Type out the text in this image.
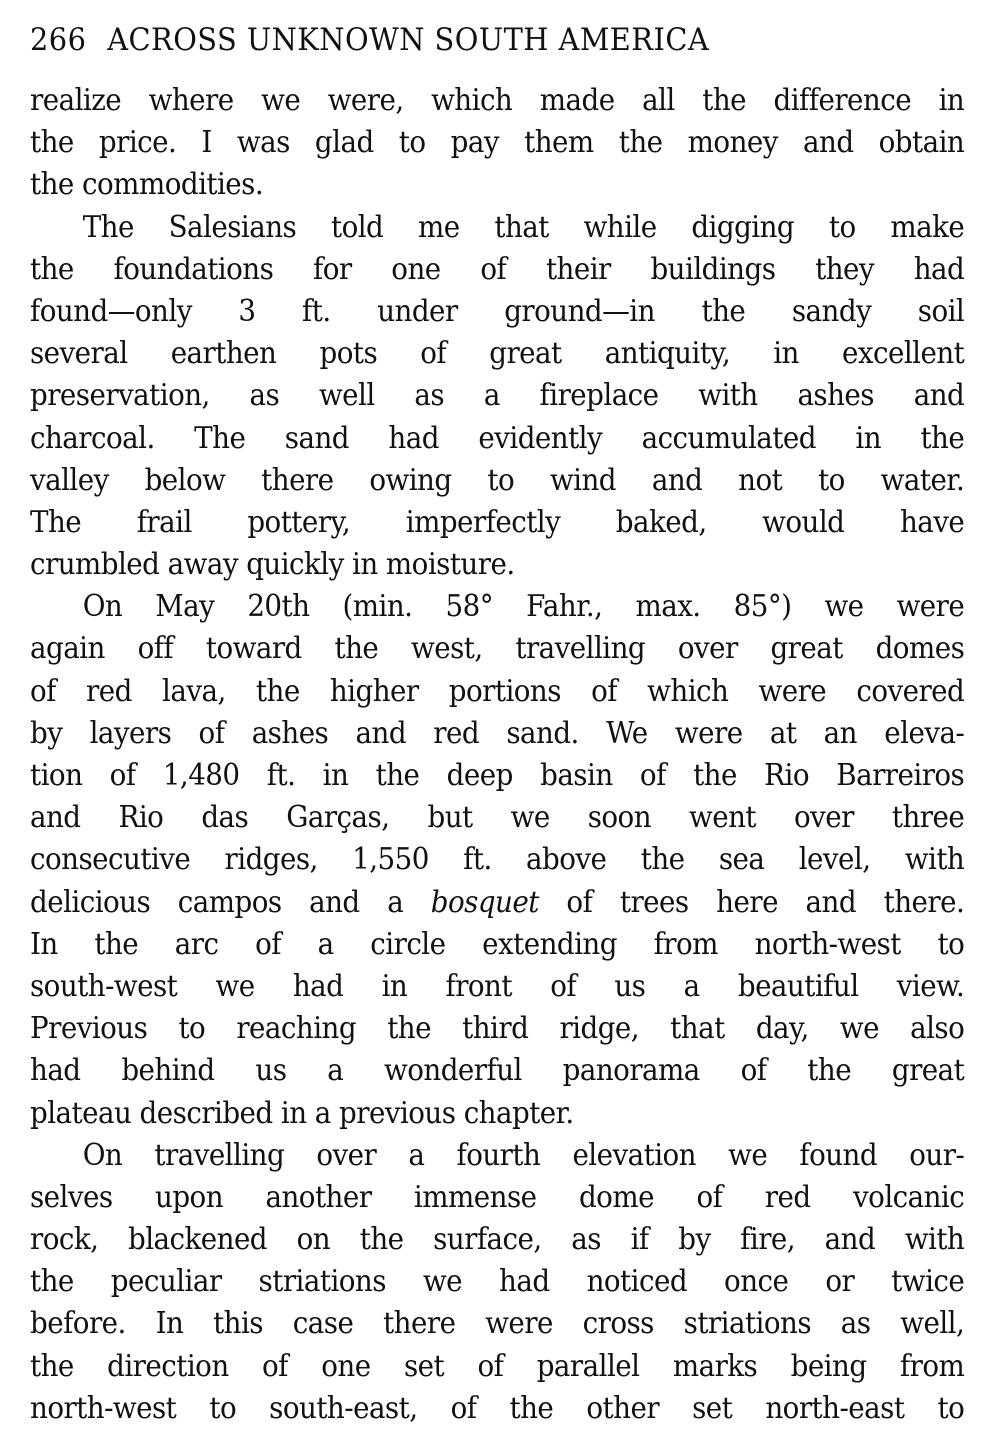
266 ACROSS UNKNOWN SOUTH AMERICA
realize where we were, which made all the difference in
the price. I was glad to pay them the money and obtain
the commodities.
The Salesians told me that while digging to make
the foundations for one of their buildings they had
found—only 3 ft. under ground—in the sandy soil
several earthen pots of great antiquity, in excellent
preservation, as well as a fireplace with ashes and
charcoal. The sand had evidently accumulated in the
valley below there owing to wind and not to water.
The frail pottery, imperfectly baked, would have
crumbled away quickly in moisture.
On May 20th (min. 58° Fahr., max. 85°) we were
again off toward the west, travelling over great domes
of red lava, the higher portions of which were covered
by layers of ashes and red sand. We were at an eleva-
tion of 1,480 ft. in the deep basin of the Rio Barreiros
and Rio das Garças, but we soon went over three
consecutive ridges, 1,550 ft. above the sea level, with
delicious campos and a bosquet of trees here and there.
In the arc of a circle extending from north-west to
south-west we had in front of us a beautiful view.
Previous to reaching the third ridge, that day, we also
had behind us a wonderful panorama of the great
plateau described in a previous chapter.
On travelling over a fourth elevation we found our-
selves upon another immense dome of red volcanic
rock, blackened on the surface, as if by fire, and with
the peculiar striations we had noticed once or twice
before. In this case there were cross striations as well,
the direction of one set of parallel marks being from
north-west to south-east, of the other set north-east to
